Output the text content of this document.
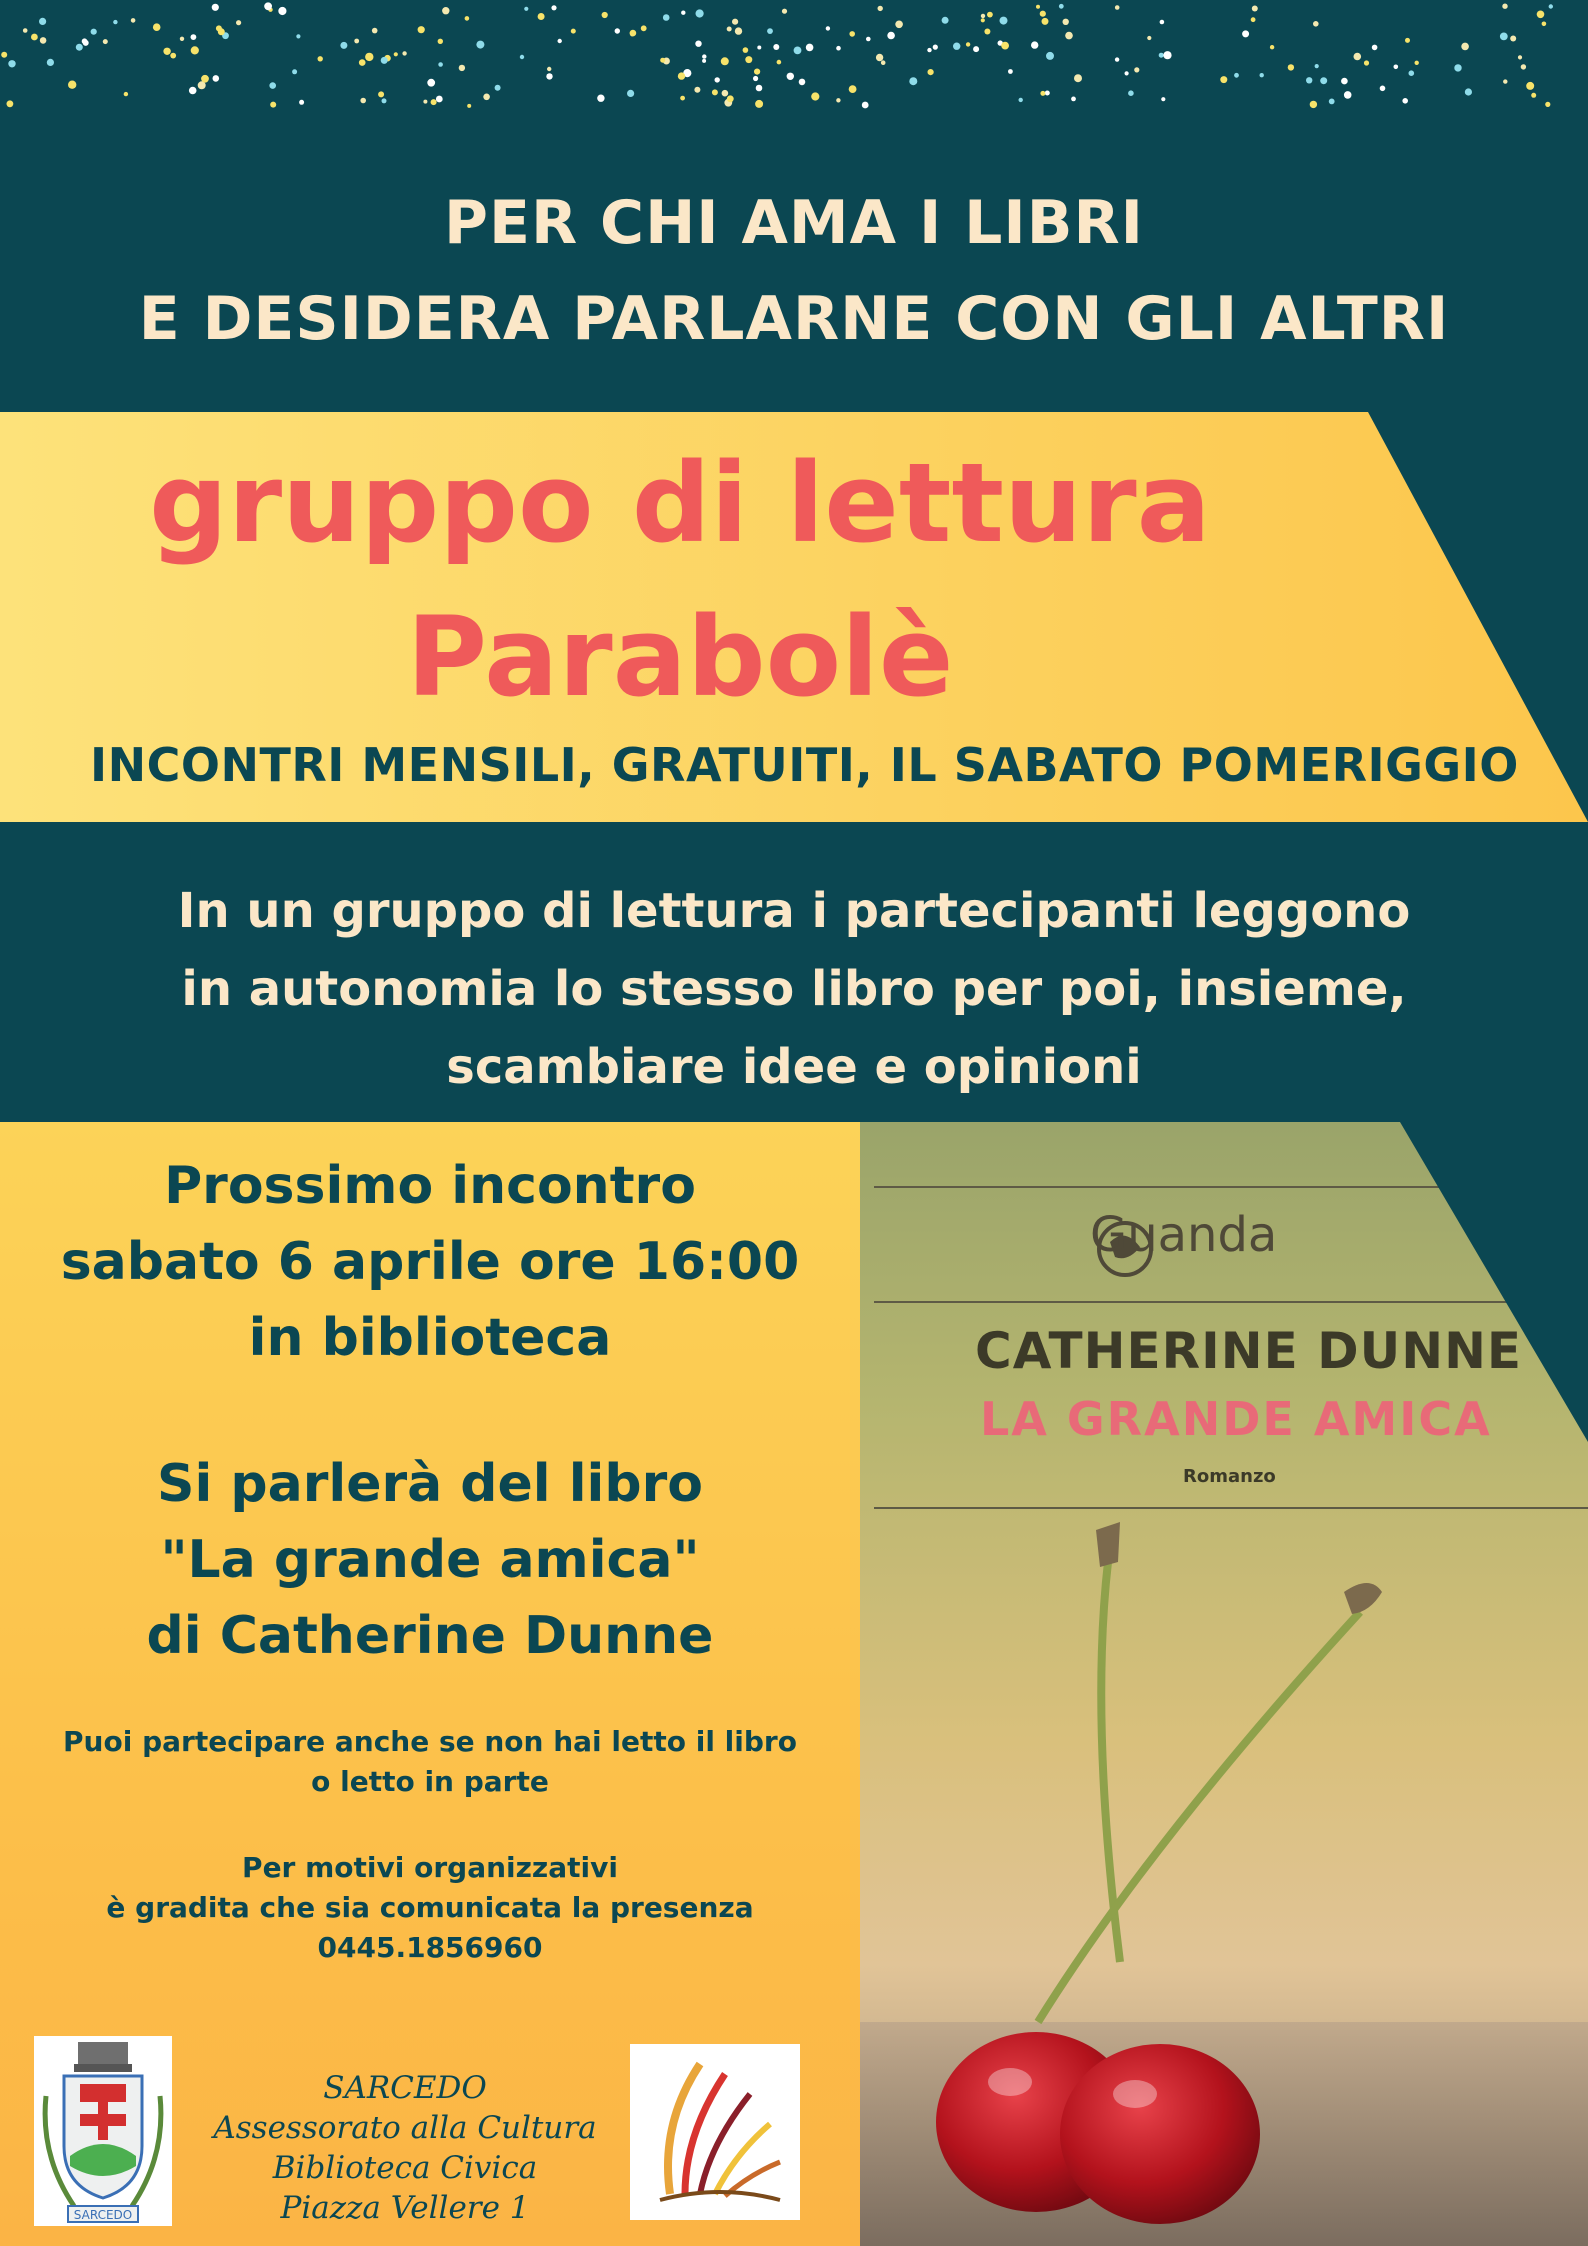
PER CHI AMA I LIBRI
E DESIDERA PARLARNE CON GLI ALTRI
gruppo di lettura
Parabolè
INCONTRI MENSILI, GRATUITI, IL SABATO POMERIGGIO
In un gruppo di lettura i partecipanti leggono
in autonomia lo stesso libro per poi, insieme,
scambiare idee e opinioni
Prossimo incontro
sabato 6 aprile ore 16:00
in biblioteca
Si parlerà del libro
"La grande amica"
di Catherine Dunne
Puoi partecipare anche se non hai letto il libro
o letto in parte
Per motivi organizzativi
è gradita che sia comunicata la presenza
0445.1856960
SARCEDO
SARCEDO
Assessorato alla Cultura
Biblioteca Civica
Piazza Vellere 1
Guanda
CATHERINE DUNNE
LA GRANDE AMICA
Romanzo
